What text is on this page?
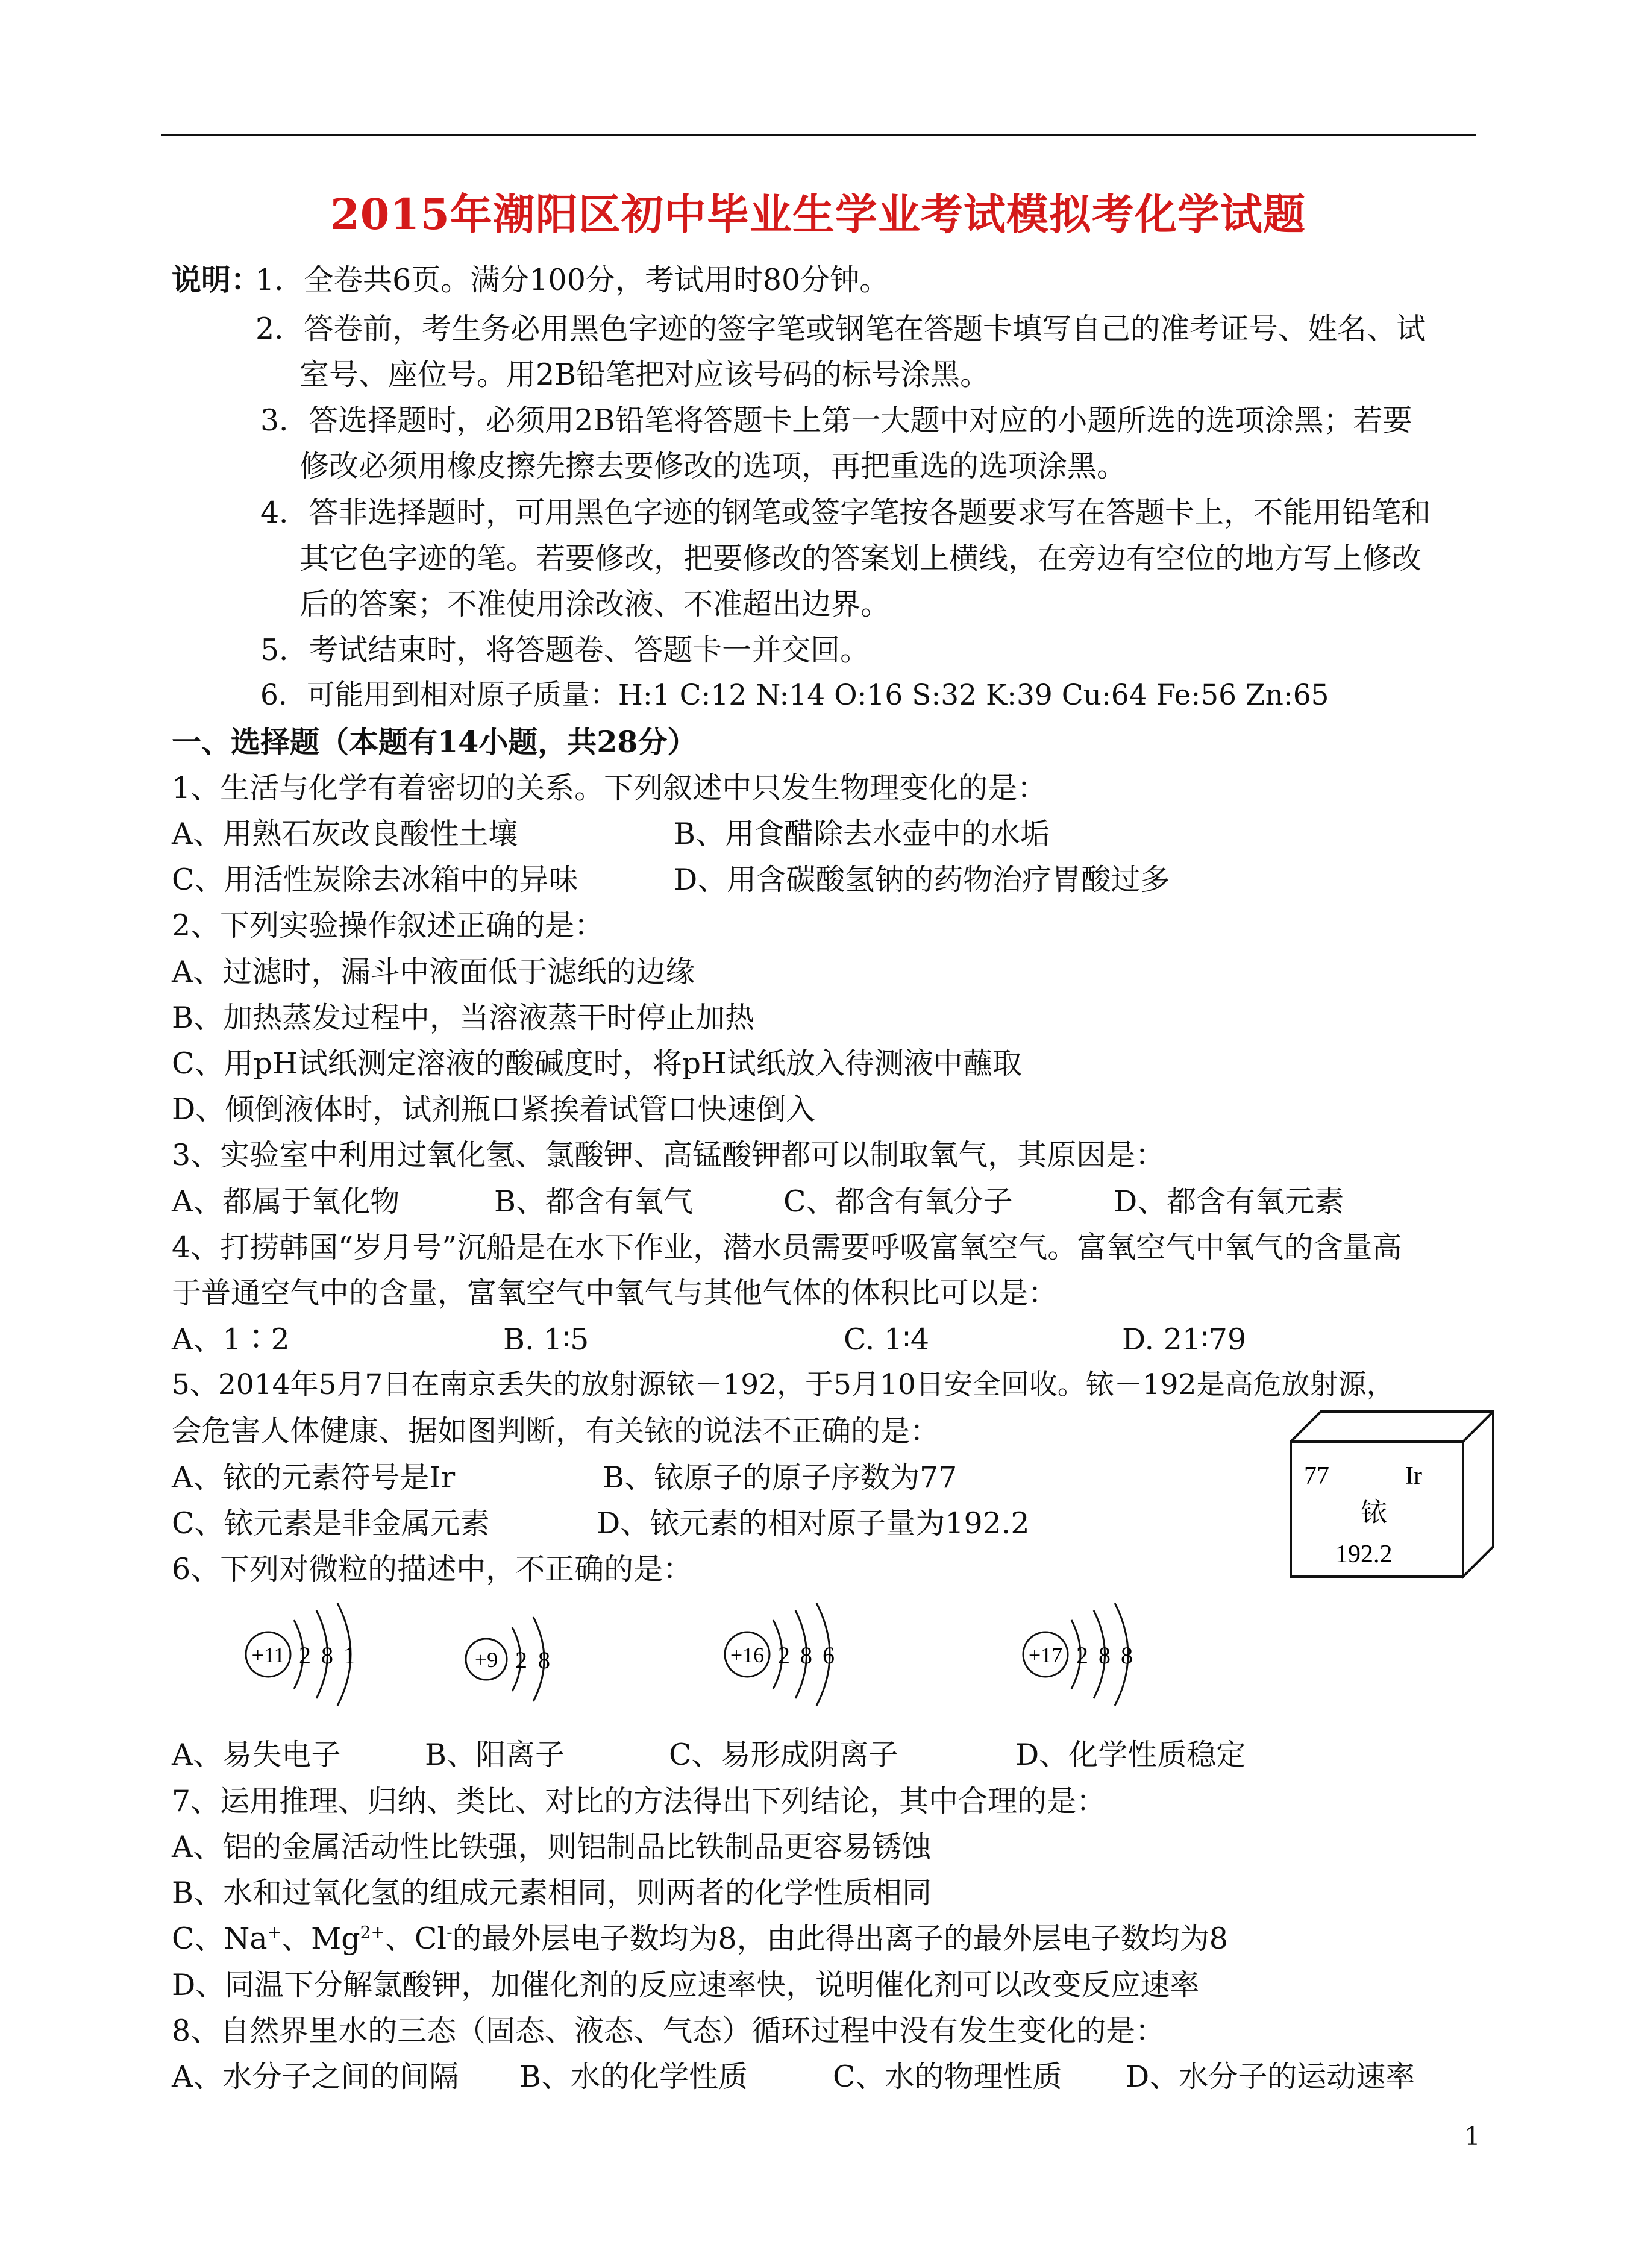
2015年潮阳区初中毕业生学业考试模拟考化学试题
说明：
1．全卷共6页。满分100分，考试用时80分钟。
2．答卷前，考生务必用黑色字迹的签字笔或钢笔在答题卡填写自己的准考证号、姓名、试
室号、座位号。用2B铅笔把对应该号码的标号涂黑。
3．答选择题时，必须用2B铅笔将答题卡上第一大题中对应的小题所选的选项涂黑；若要
修改必须用橡皮擦先擦去要修改的选项，再把重选的选项涂黑。
4．答非选择题时，可用黑色字迹的钢笔或签字笔按各题要求写在答题卡上，不能用铅笔和
其它色字迹的笔。若要修改，把要修改的答案划上横线，在旁边有空位的地方写上修改
后的答案；不准使用涂改液、不准超出边界。
5．考试结束时，将答题卷、答题卡一并交回。
6．可能用到相对原子质量：H:1 C:12 N:14 O:16 S:32 K:39 Cu:64 Fe:56 Zn:65
一、选择题（本题有14小题，共28分）
1、生活与化学有着密切的关系。下列叙述中只发生物理变化的是：
A、用熟石灰改良酸性土壤	B、用食醋除去水壶中的水垢
C、用活性炭除去冰箱中的异味	D、用含碳酸氢钠的药物治疗胃酸过多
2、下列实验操作叙述正确的是：
A、过滤时，漏斗中液面低于滤纸的边缘
B、加热蒸发过程中，当溶液蒸干时停止加热
C、用pH试纸测定溶液的酸碱度时，将pH试纸放入待测液中蘸取
D、倾倒液体时，试剂瓶口紧挨着试管口快速倒入
3、实验室中利用过氧化氢、氯酸钾、高锰酸钾都可以制取氧气，其原因是：
A、都属于氧化物	B、都含有氧气	C、都含有氧分子	D、都含有氧元素
4、打捞韩国“岁月号”沉船是在水下作业，潜水员需要呼吸富氧空气。富氧空气中氧气的含量高
于普通空气中的含量，富氧空气中氧气与其他气体的体积比可以是：
A、1∶2	B. 1∶5	C. 1∶4	D. 21∶79
5、2014年5月7日在南京丢失的放射源铱－192，于5月10日安全回收。铱－192是高危放射源，
会危害人体健康、据如图判断，有关铱的说法不正确的是：
A、铱的元素符号是Ir	B、铱原子的原子序数为77
C、铱元素是非金属元素	D、铱元素的相对原子量为192.2
77	Ir
铱
192.2
6、下列对微粒的描述中，不正确的是：
+11 2 8 1	+9 2 8	+16 2 8 6	+17 2 8 8
A、易失电子	B、阳离子	C、易形成阴离子	D、化学性质稳定
7、运用推理、归纳、类比、对比的方法得出下列结论，其中合理的是：
A、铝的金属活动性比铁强，则铝制品比铁制品更容易锈蚀
B、水和过氧化氢的组成元素相同，则两者的化学性质相同
C、Na+、$Mg^{2+}$、Cl-的最外层电子数均为8，由此得出离子的最外层电子数均为8
D、同温下分解氯酸钾，加催化剂的反应速率快，说明催化剂可以改变反应速率
8、自然界里水的三态（固态、液态、气态）循环过程中没有发生变化的是：
A、水分子之间的间隔 B、水的化学性质	C、水的物理性质 D、水分子的运动速率
1
